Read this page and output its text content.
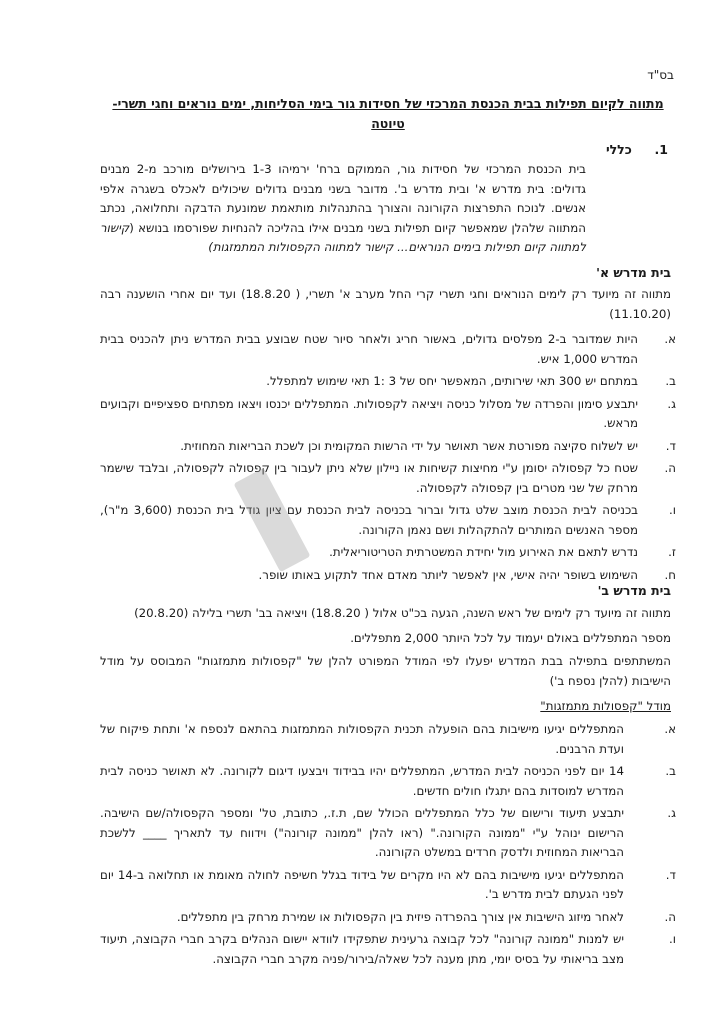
בס"ד
מתווה לקיום תפילות בבית הכנסת המרכזי של חסידות גור בימי הסליחות, ימים נוראים וחגי תשרי-
טיוטה
1.  כללי
בית הכנסת המרכזי של חסידות גור, הממוקם ברח' ירמיהו 1-3 בירושלים מורכב מ-2 מבנים גדולים: בית מדרש א' ובית מדרש ב'. מדובר בשני מבנים גדולים שיכולים לאכלס בשגרה אלפי אנשים. לנוכח התפרצות הקורונה והצורך בהתנהלות מותאמת שמונעת הדבקה ותחלואה, נכתב המתווה שלהלן שמאפשר קיום תפילות בשני מבנים אילו בהליכה להנחיות שפורסמו בנושא (קישור למתווה קיום תפילות בימים הנוראים... קישור למתווה הקפסולות המתמזגות)
בית מדרש א'
מתווה זה מיועד רק לימים הנוראים וחגי תשרי קרי החל מערב א' תשרי, ( 18.8.20) ועד יום אחרי הושענה רבה (11.10.20)
א.
היות שמדובר ב-2 מפלסים גדולים, באשור חריג ולאחר סיור שטח שבוצע בבית המדרש ניתן להכניס בבית המדרש 1,000 איש.
ב.
במתחם יש 300 תאי שירותים, המאפשר יחס של 3 :1 תאי שימוש למתפלל.
ג.
יתבצע סימון והפרדה של מסלול כניסה ויציאה לקפסולות. המתפללים יכנסו ויצאו מפתחים ספציפיים וקבועים מראש.
ד.
יש לשלוח סקיצה מפורטת אשר תאושר על ידי הרשות המקומית וכן לשכת הבריאות המחוזית.
ה.
שטח כל קפסולה יסומן ע"י מחיצות קשיחות או ניילון שלא ניתן לעבור בין קפסולה לקפסולה, ובלבד שישמר מרחק של שני מטרים בין קפסולה לקפסולה.
ו.
בכניסה לבית הכנסת מוצב שלט גדול וברור בכניסה לבית הכנסת עם ציון גודל בית הכנסת (3,600 מ"ר), מספר האנשים המותרים להתקהלות ושם נאמן הקורונה.
ז.
נדרש לתאם את האירוע מול יחידת המשטרתית הטריטוריאלית.
ח.
השימוש בשופר יהיה אישי, אין לאפשר ליותר מאדם אחד לתקוע באותו שופר.
בית מדרש ב'
מתווה זה מיועד רק לימים של ראש השנה, הגעה בכ"ט אלול ( 18.8.20) ויציאה בב' תשרי בלילה (20.8.20)
מספר המתפללים באולם יעמוד על לכל היותר 2,000 מתפללים.
המשתתפים בתפילה בבת המדרש יפעלו לפי המודל המפורט להלן של "קפסולות מתמזגות" המבוסס על מודל הישיבות (להלן נספח ב')
מודל "קפסולות מתמזגות"
א.
המתפללים יגיעו מישיבות בהם הופעלה תכנית הקפסולות המתמזגות בהתאם לנספח א' ותחת פיקוח של ועדת הרבנים.
ב.
14 יום לפני הכניסה לבית המדרש, המתפללים יהיו בבידוד ויבצעו דיגום לקורונה. לא תאושר כניסה לבית המדרש למוסדות בהם יתגלו חולים חדשים.
ג.
יתבצע תיעוד ורישום של כלל המתפללים הכולל שם, ת.ז., כתובת, טל' ומספר הקפסולה/שם הישיבה. הרישום ינוהל ע"י "ממונה הקורונה." (ראו להלן "ממונה קורונה") וידווח עד לתאריך ____ ללשכת הבריאות המחוזית ולדסק חרדים במשלט הקורונה.
ד.
המתפללים יגיעו מישיבות בהם לא היו מקרים של בידוד בגלל חשיפה לחולה מאומת או תחלואה ב-14 יום לפני הגעתם לבית מדרש ב'.
ה.
לאחר מיזוג הישיבות אין צורך בהפרדה פיזית בין הקפסולות או שמירת מרחק בין מתפללים.
ו.
יש למנות "ממונה קורונה" לכל קבוצה גרעינית שתפקידו לוודא יישום הנהלים בקרב חברי הקבוצה, תיעוד מצב בריאותי על בסיס יומי, מתן מענה לכל שאלה/בירור/פניה מקרב חברי הקבוצה.
